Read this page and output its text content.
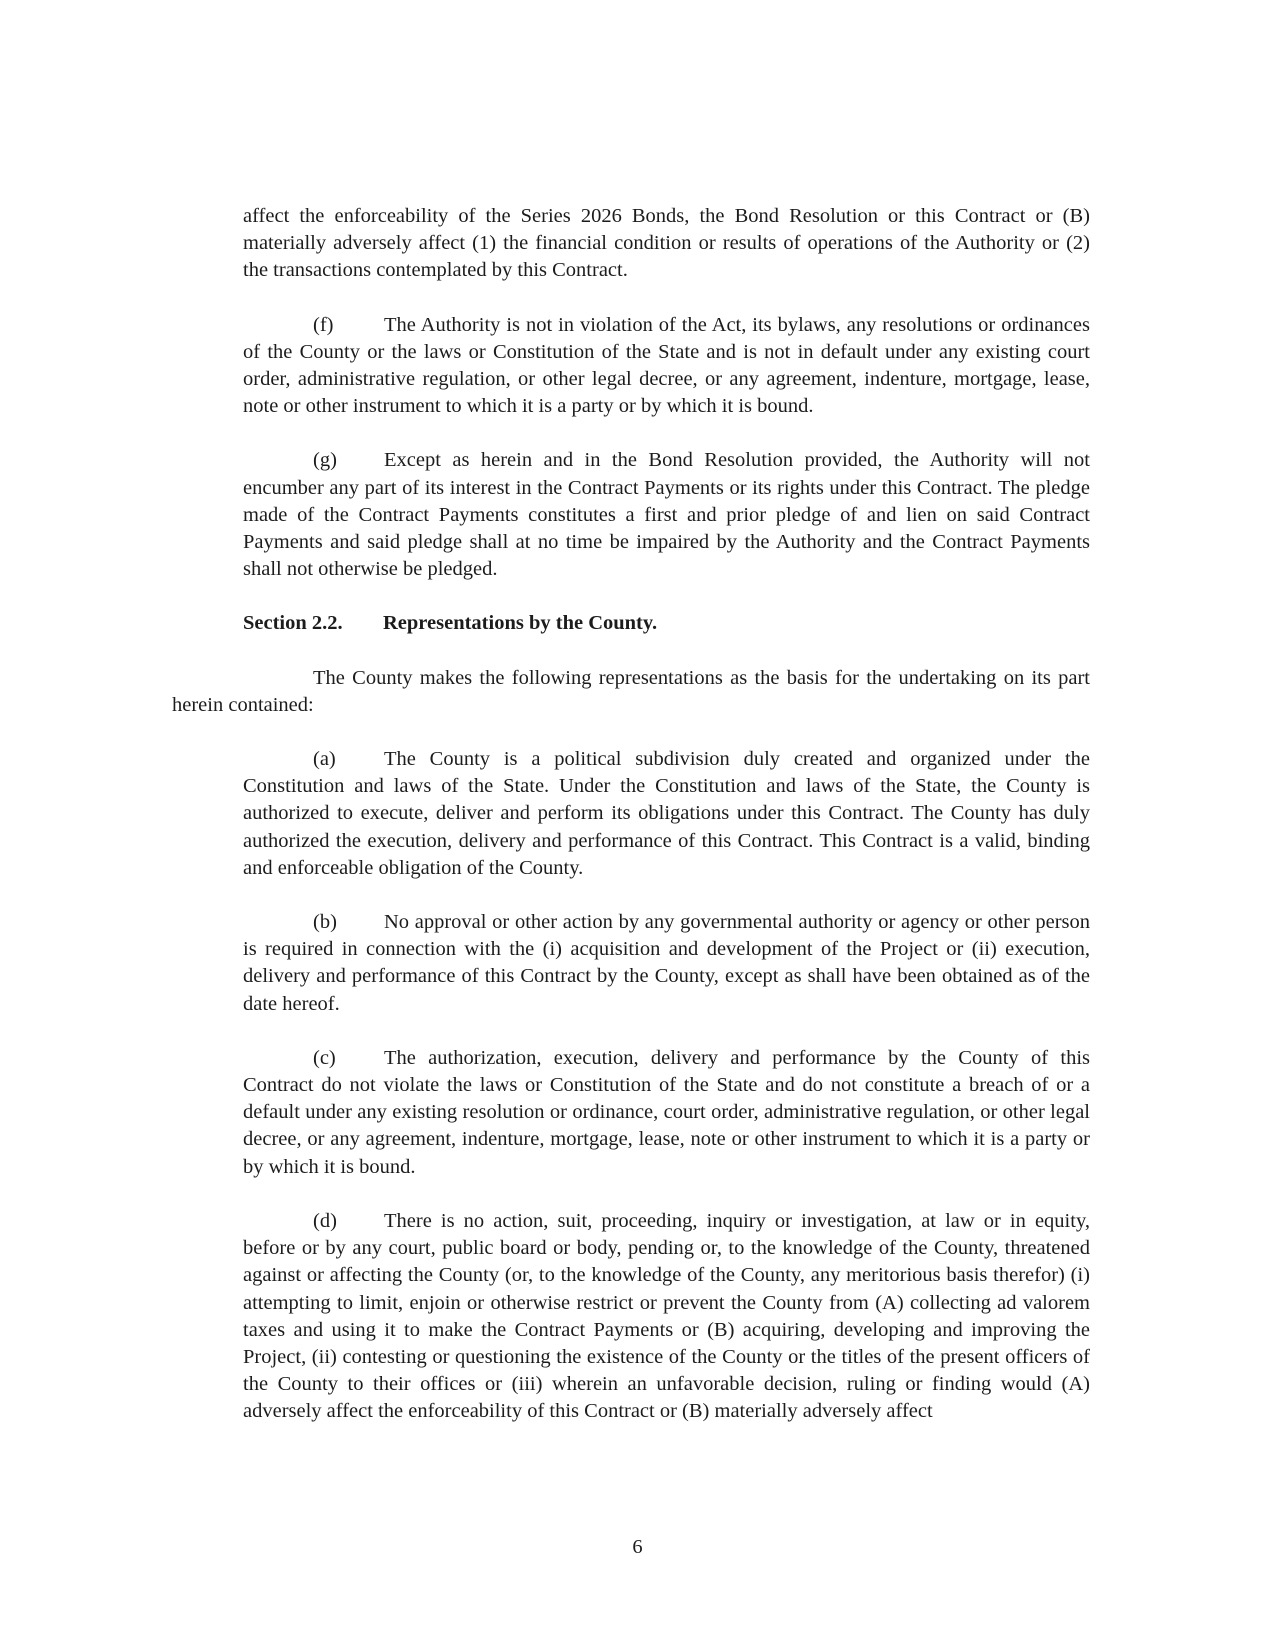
affect the enforceability of the Series 2026 Bonds, the Bond Resolution or this Contract or (B) materially adversely affect (1) the financial condition or results of operations of the Authority or (2) the transactions contemplated by this Contract.

(f) The Authority is not in violation of the Act, its bylaws, any resolutions or ordinances of the County or the laws or Constitution of the State and is not in default under any existing court order, administrative regulation, or other legal decree, or any agreement, indenture, mortgage, lease, note or other instrument to which it is a party or by which it is bound.

(g) Except as herein and in the Bond Resolution provided, the Authority will not encumber any part of its interest in the Contract Payments or its rights under this Contract. The pledge made of the Contract Payments constitutes a first and prior pledge of and lien on said Contract Payments and said pledge shall at no time be impaired by the Authority and the Contract Payments shall not otherwise be pledged.

Section 2.2. Representations by the County.

The County makes the following representations as the basis for the undertaking on its part herein contained:

(a) The County is a political subdivision duly created and organized under the Constitution and laws of the State. Under the Constitution and laws of the State, the County is authorized to execute, deliver and perform its obligations under this Contract. The County has duly authorized the execution, delivery and performance of this Contract. This Contract is a valid, binding and enforceable obligation of the County.

(b) No approval or other action by any governmental authority or agency or other person is required in connection with the (i) acquisition and development of the Project or (ii) execution, delivery and performance of this Contract by the County, except as shall have been obtained as of the date hereof.

(c) The authorization, execution, delivery and performance by the County of this Contract do not violate the laws or Constitution of the State and do not constitute a breach of or a default under any existing resolution or ordinance, court order, administrative regulation, or other legal decree, or any agreement, indenture, mortgage, lease, note or other instrument to which it is a party or by which it is bound.

(d) There is no action, suit, proceeding, inquiry or investigation, at law or in equity, before or by any court, public board or body, pending or, to the knowledge of the County, threatened against or affecting the County (or, to the knowledge of the County, any meritorious basis therefor) (i) attempting to limit, enjoin or otherwise restrict or prevent the County from (A) collecting ad valorem taxes and using it to make the Contract Payments or (B) acquiring, developing and improving the Project, (ii) contesting or questioning the existence of the County or the titles of the present officers of the County to their offices or (iii) wherein an unfavorable decision, ruling or finding would (A) adversely affect the enforceability of this Contract or (B) materially adversely affect

6
